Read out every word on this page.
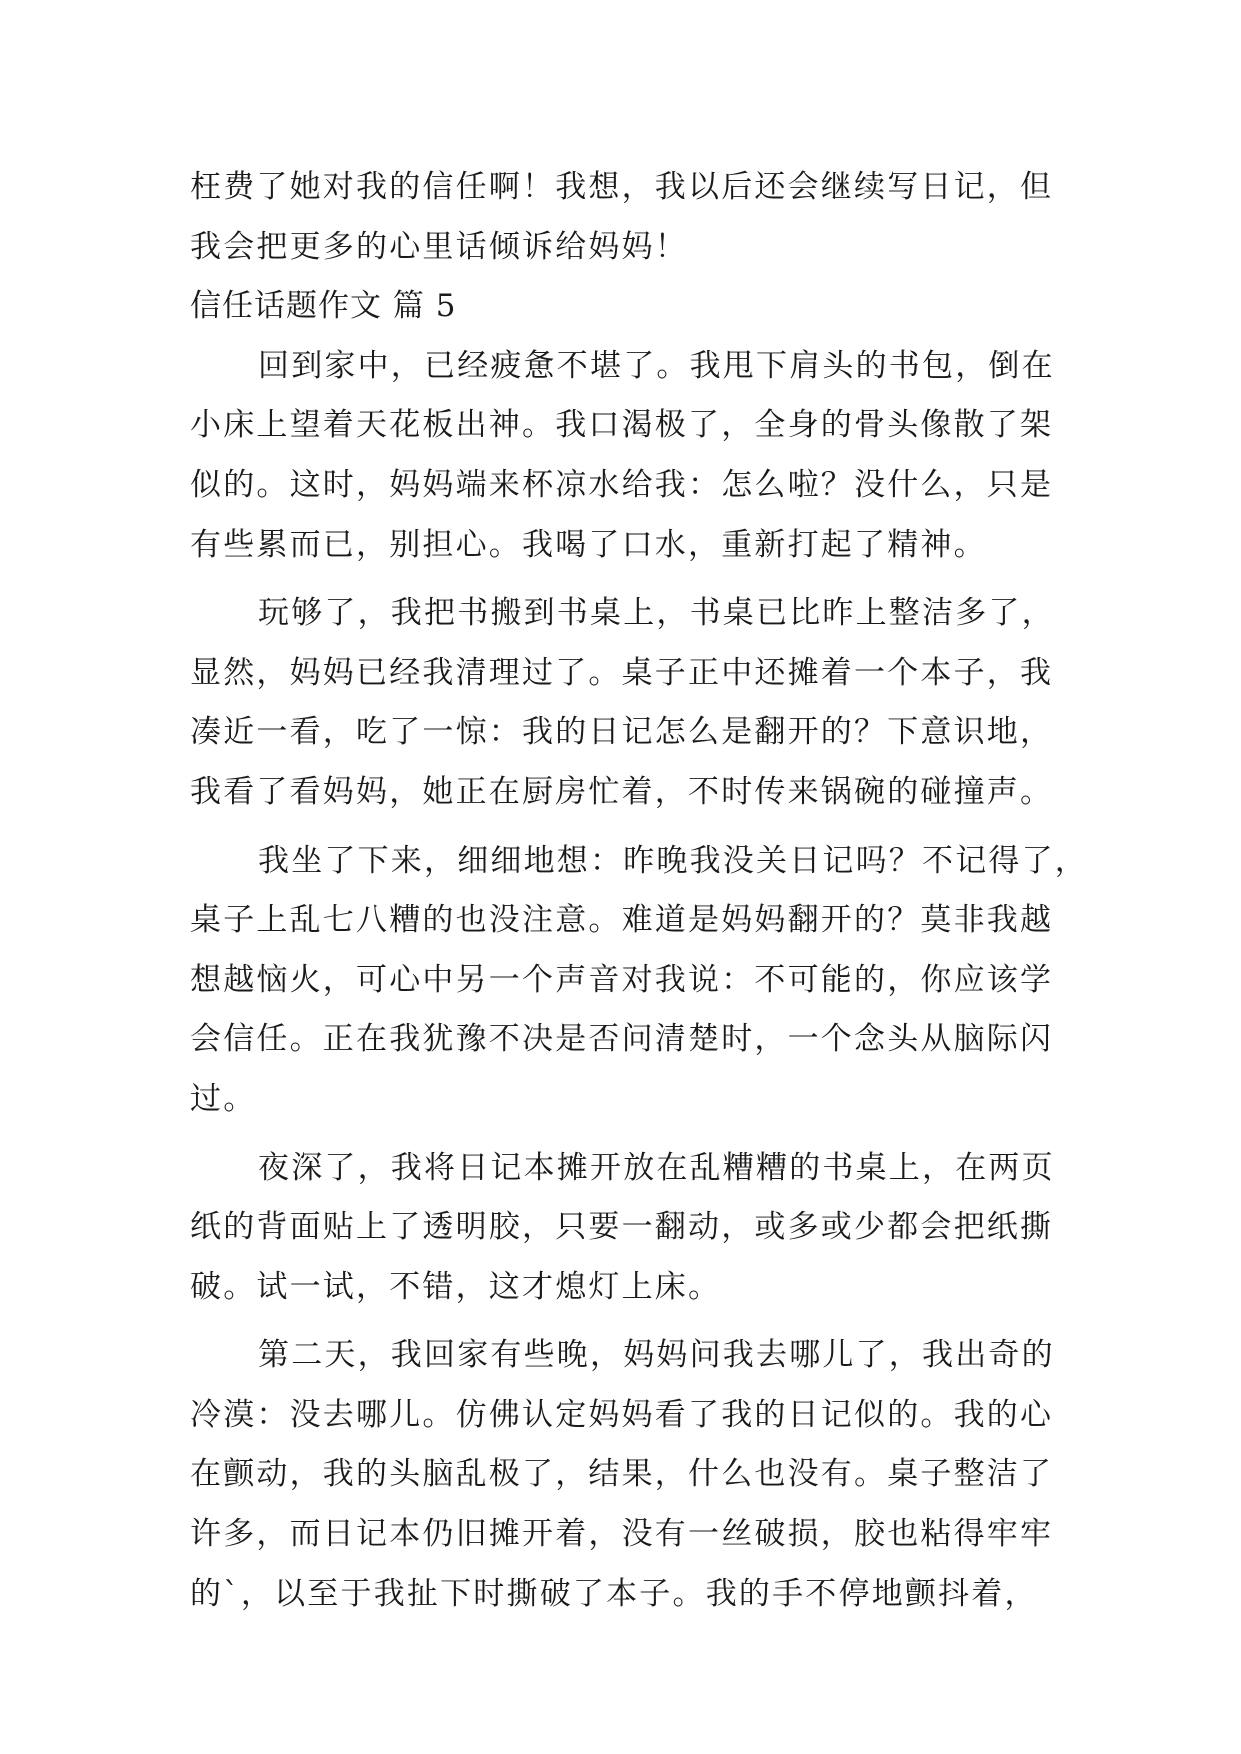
枉费了她对我的信任啊！我想，我以后还会继续写日记，但
我会把更多的心里话倾诉给妈妈！
信任话题作文 篇 5
回到家中，已经疲惫不堪了。我甩下肩头的书包，倒在
小床上望着天花板出神。我口渴极了，全身的骨头像散了架
似的。这时，妈妈端来杯凉水给我：怎么啦？没什么，只是
有些累而已，别担心。我喝了口水，重新打起了精神。
玩够了，我把书搬到书桌上，书桌已比昨上整洁多了，
显然，妈妈已经我清理过了。桌子正中还摊着一个本子，我
凑近一看，吃了一惊：我的日记怎么是翻开的？下意识地，
我看了看妈妈，她正在厨房忙着，不时传来锅碗的碰撞声。
我坐了下来，细细地想：昨晚我没关日记吗？不记得了，
桌子上乱七八糟的也没注意。难道是妈妈翻开的？莫非我越
想越恼火，可心中另一个声音对我说：不可能的，你应该学
会信任。正在我犹豫不决是否问清楚时，一个念头从脑际闪
过。
夜深了，我将日记本摊开放在乱糟糟的书桌上，在两页
纸的背面贴上了透明胶，只要一翻动，或多或少都会把纸撕
破。试一试，不错，这才熄灯上床。
第二天，我回家有些晚，妈妈问我去哪儿了，我出奇的
冷漠：没去哪儿。仿佛认定妈妈看了我的日记似的。我的心
在颤动，我的头脑乱极了，结果，什么也没有。桌子整洁了
许多，而日记本仍旧摊开着，没有一丝破损，胶也粘得牢牢
的`，以至于我扯下时撕破了本子。我的手不停地颤抖着，
